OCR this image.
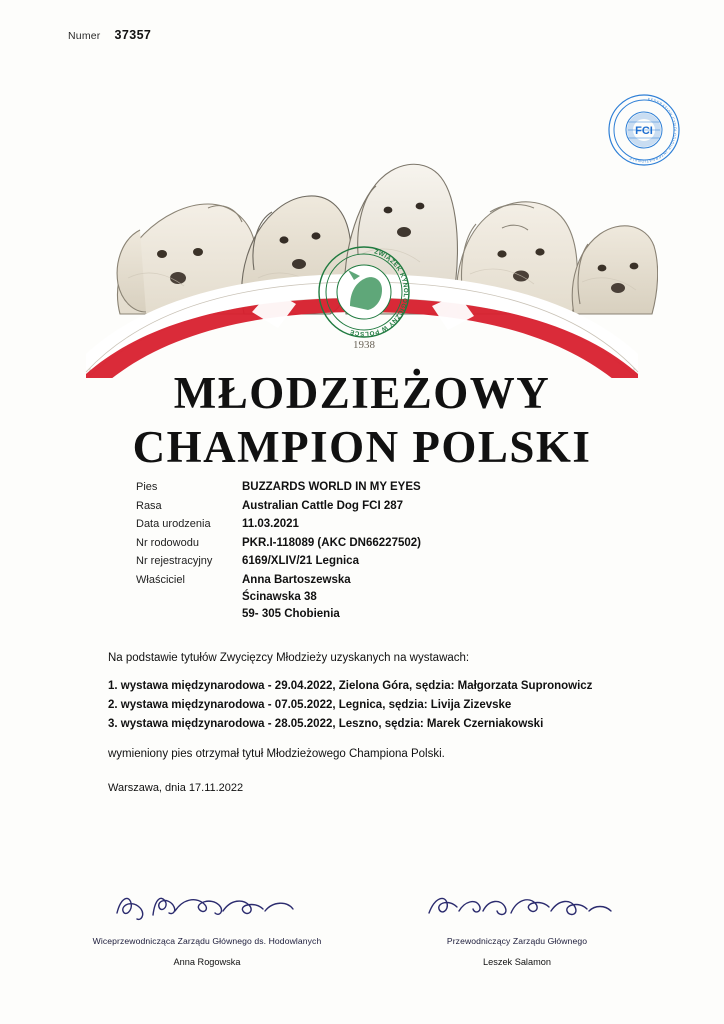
Numer 37357
FCI
FEDERATION CYNOLOGIQUE INTERNATIONALE
ZWIĄZEK KYNOLOGICZNY W POLSCE
1938
MŁODZIEŻOWY
CHAMPION POLSKI
Pies	BUZZARDS WORLD IN MY EYES
Rasa	Australian Cattle Dog FCI 287
Data urodzenia	11.03.2021
Nr rodowodu	PKR.I-118089 (AKC DN66227502)
Nr rejestracyjny	6169/XLIV/21 Legnica
Właściciel	Anna Bartoszewska
Ścinawska 38
59- 305 Chobienia

Na podstawie tytułów Zwycięzcy Młodzieży uzyskanych na wystawach:

1. wystawa międzynarodowa - 29.04.2022, Zielona Góra, sędzia: Małgorzata Supronowicz
2. wystawa międzynarodowa - 07.05.2022, Legnica, sędzia: Livija Zizevske
3. wystawa międzynarodowa - 28.05.2022, Leszno, sędzia: Marek Czerniakowski

wymieniony pies otrzymał tytuł Młodzieżowego Championa Polski.

Warszawa, dnia 17.11.2022

Wiceprzewodnicząca Zarządu Głównego ds. Hodowlanych
Anna Rogowska
Przewodniczący Zarządu Głównego
Leszek Salamon
